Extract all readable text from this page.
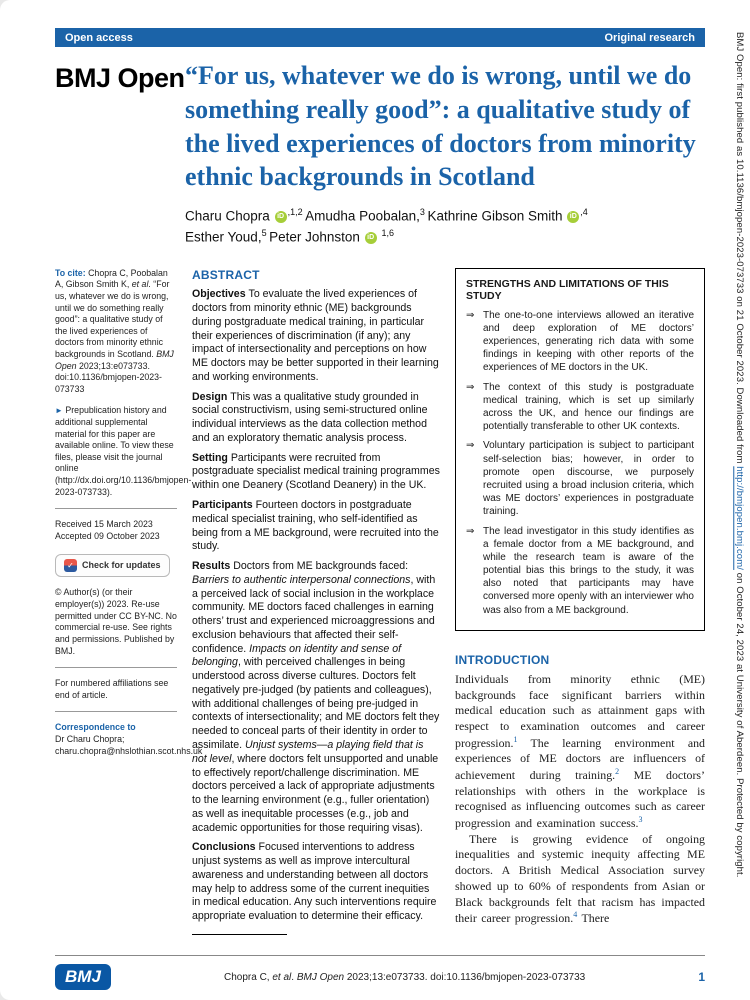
BMJ Open: first published as 10.1136/bmjopen-2023-073733 on 21 October 2023. Downloaded from http://bmjopen.bmj.com/ on October 24, 2023 at University of Aberdeen. Protected by copyright.
Open access	Original research
BMJ Open “For us, whatever we do is wrong, until we do something really good”: a qualitative study of the lived experiences of doctors from minority ethnic backgrounds in Scotland
Charu Chopra iD $^{,1,2}$ Amudha Poobalan,$^3$ Kathrine Gibson Smith iD $^{,4}$
Esther Youd,$^5$ Peter Johnston iD $^{1,6}$

To cite: Chopra C, Poobalan A, Gibson Smith K, et al. “For us, whatever we do is wrong, until we do something really good”: a qualitative study of the lived experiences of doctors from minority ethnic backgrounds in Scotland. BMJ Open 2023;13:e073733. doi:10.1136/bmjopen-2023-073733

► Prepublication history and additional supplemental material for this paper are available online. To view these files, please visit the journal online (http://dx.doi.org/10.1136/bmjopen-2023-073733).

Received 15 March 2023
Accepted 09 October 2023

✓ Check for updates

© Author(s) (or their employer(s)) 2023. Re-use permitted under CC BY-NC. No commercial re-use. See rights and permissions. Published by BMJ.

For numbered affiliations see end of article.

Correspondence to
Dr Charu Chopra; charu.chopra@nhslothian.scot.nhs.uk

ABSTRACT

Objectives To evaluate the lived experiences of doctors from minority ethnic (ME) backgrounds during postgraduate medical training, in particular their experiences of discrimination (if any); any impact of intersectionality and perceptions on how ME doctors may be better supported in their learning and working environments.

Design This was a qualitative study grounded in social constructivism, using semi-structured online individual interviews as the data collection method and an exploratory thematic analysis process.

Setting Participants were recruited from postgraduate specialist medical training programmes within one Deanery (Scotland Deanery) in the UK.

Participants Fourteen doctors in postgraduate medical specialist training, who self-identified as being from a ME background, were recruited into the study.

Results Doctors from ME backgrounds faced: Barriers to authentic interpersonal connections, with a perceived lack of social inclusion in the workplace community. ME doctors faced challenges in earning others’ trust and experienced microaggressions and exclusion behaviours that affected their self-confidence. Impacts on identity and sense of belonging, with perceived challenges in being understood across diverse cultures. Doctors felt negatively pre-judged (by patients and colleagues), with additional challenges of being pre-judged in contexts of intersectionality; and ME doctors felt they needed to conceal parts of their identity in order to assimilate. Unjust systems—a playing field that is not level, where doctors felt unsupported and unable to effectively report/challenge discrimination. ME doctors perceived a lack of appropriate adjustments to the learning environment (e.g., fuller orientation) as well as inequitable processes (e.g., job and academic opportunities for those requiring visas).

Conclusions Focused interventions to address unjust systems as well as improve intercultural awareness and understanding between all doctors may help to address some of the current inequities in medical education. Any such interventions require appropriate evaluation to determine their efficacy.

STRENGTHS AND LIMITATIONS OF THIS STUDY
⇒ The one-to-one interviews allowed an iterative and deep exploration of ME doctors’ experiences, generating rich data with some findings in keeping with other reports of the experiences of ME doctors in the UK.
⇒ The context of this study is postgraduate medical training, which is set up similarly across the UK, and hence our findings are potentially transferable to other UK contexts.
⇒ Voluntary participation is subject to participant self-selection bias; however, in order to promote open discourse, we purposely recruited using a broad inclusion criteria, which was ME doctors’ experiences in postgraduate training.
⇒ The lead investigator in this study identifies as a female doctor from a ME background, and while the research team is aware of the potential bias this brings to the study, it was also noted that participants may have conversed more openly with an interviewer who was also from a ME background.
INTRODUCTION

Individuals from minority ethnic (ME) backgrounds face significant barriers within medical education such as attainment gaps with respect to examination outcomes and career progression.$^1$ The learning environment and experiences of ME doctors are influencers of achievement during training.$^2$ ME doctors’ relationships with others in the workplace is recognised as influencing outcomes such as career progression and examination success.$^3$

There is growing evidence of ongoing inequalities and systemic inequity affecting ME doctors. A British Medical Association survey showed up to 60% of respondents from Asian or Black backgrounds felt that racism has impacted their career progression.$^4$ There

BMJ	Chopra C, et al. BMJ Open 2023;13:e073733. doi:10.1136/bmjopen-2023-073733	1
